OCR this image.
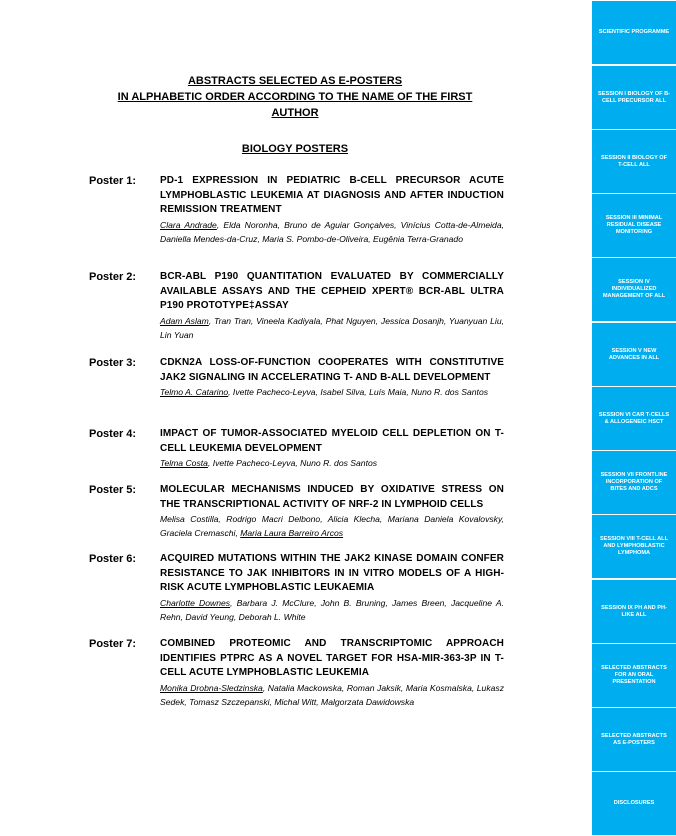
ABSTRACTS SELECTED AS E-POSTERS
IN ALPHABETIC ORDER ACCORDING TO THE NAME OF THE FIRST AUTHOR
BIOLOGY POSTERS
Poster 1:	PD-1 EXPRESSION IN PEDIATRIC B-CELL PRECURSOR ACUTE LYMPHOBLASTIC LEUKEMIA AT DIAGNOSIS AND AFTER INDUCTION REMISSION TREATMENT
Clara Andrade, Elda Noronha, Bruno de Aguiar Gonçalves, Vinícius Cotta-de-Almeida, Daniella Mendes-da-Cruz, Maria S. Pombo-de-Oliveira, Eugênia Terra-Granado
Poster 2:	BCR-ABL P190 QUANTITATION EVALUATED BY COMMERCIALLY AVAILABLE ASSAYS AND THE CEPHEID XPERT® BCR-ABL ULTRA P190 PROTOTYPE‡ASSAY
Adam Aslam, Tran Tran, Vineela Kadiyala, Phat Nguyen, Jessica Dosanjh, Yuanyuan Liu, Lin Yuan
Poster 3:	CDKN2A LOSS-OF-FUNCTION COOPERATES WITH CONSTITUTIVE JAK2 SIGNALING IN ACCELERATING T- AND B-ALL DEVELOPMENT
Telmo A. Catarino, Ivette Pacheco-Leyva, Isabel Silva, Luís Maia, Nuno R. dos Santos
Poster 4:	IMPACT OF TUMOR-ASSOCIATED MYELOID CELL DEPLETION ON T-CELL LEUKEMIA DEVELOPMENT
Telma Costa, Ivette Pacheco-Leyva, Nuno R. dos Santos
Poster 5:	MOLECULAR MECHANISMS INDUCED BY OXIDATIVE STRESS ON THE TRANSCRIPTIONAL ACTIVITY OF NRF-2 IN LYMPHOID CELLS
Melisa Costilla, Rodrigo Macri Delbono, Alicia Klecha, Mariana Daniela Kovalovsky, Graciela Cremaschi, Maria Laura Barreiro Arcos
Poster 6:	ACQUIRED MUTATIONS WITHIN THE JAK2 KINASE DOMAIN CONFER RESISTANCE TO JAK INHIBITORS IN IN VITRO MODELS OF A HIGH-RISK ACUTE LYMPHOBLASTIC LEUKAEMIA
Charlotte Downes, Barbara J. McClure, John B. Bruning, James Breen, Jacqueline A. Rehn, David Yeung, Deborah L. White
Poster 7:	COMBINED PROTEOMIC AND TRANSCRIPTOMIC APPROACH IDENTIFIES PTPRC AS A NOVEL TARGET FOR HSA-MIR-363-3P IN T-CELL ACUTE LYMPHOBLASTIC LEUKEMIA
Monika Drobna-Sledzinska, Natalia Mackowska, Roman Jaksik, Maria Kosmalska, Lukasz Sedek, Tomasz Szczepanski, Michal Witt, Malgorzata Dawidowska
SCIENTIFIC PROGRAMME
SESSION I BIOLOGY OF B-CELL PRECURSOR ALL
SESSION II BIOLOGY OF T-CELL ALL
SESSION III MINIMAL RESIDUAL DISEASE MONITORING
SESSION IV INDIVIDUALIZED MANAGEMENT OF ALL
SESSION V NEW ADVANCES IN ALL
SESSION VI CAR T-CELLS & ALLOGENEIC HSCT
SESSION VII FRONTLINE INCORPORATION OF BITES AND ADCS
SESSION VIII T-CELL ALL AND LYMPHOBLASTIC LYMPHOMA
SESSION IX PH AND PH-LIKE ALL
SELECTED ABSTRACTS FOR AN ORAL PRESENTATION
SELECTED ABSTRACTS AS E-POSTERS
DISCLOSURES
